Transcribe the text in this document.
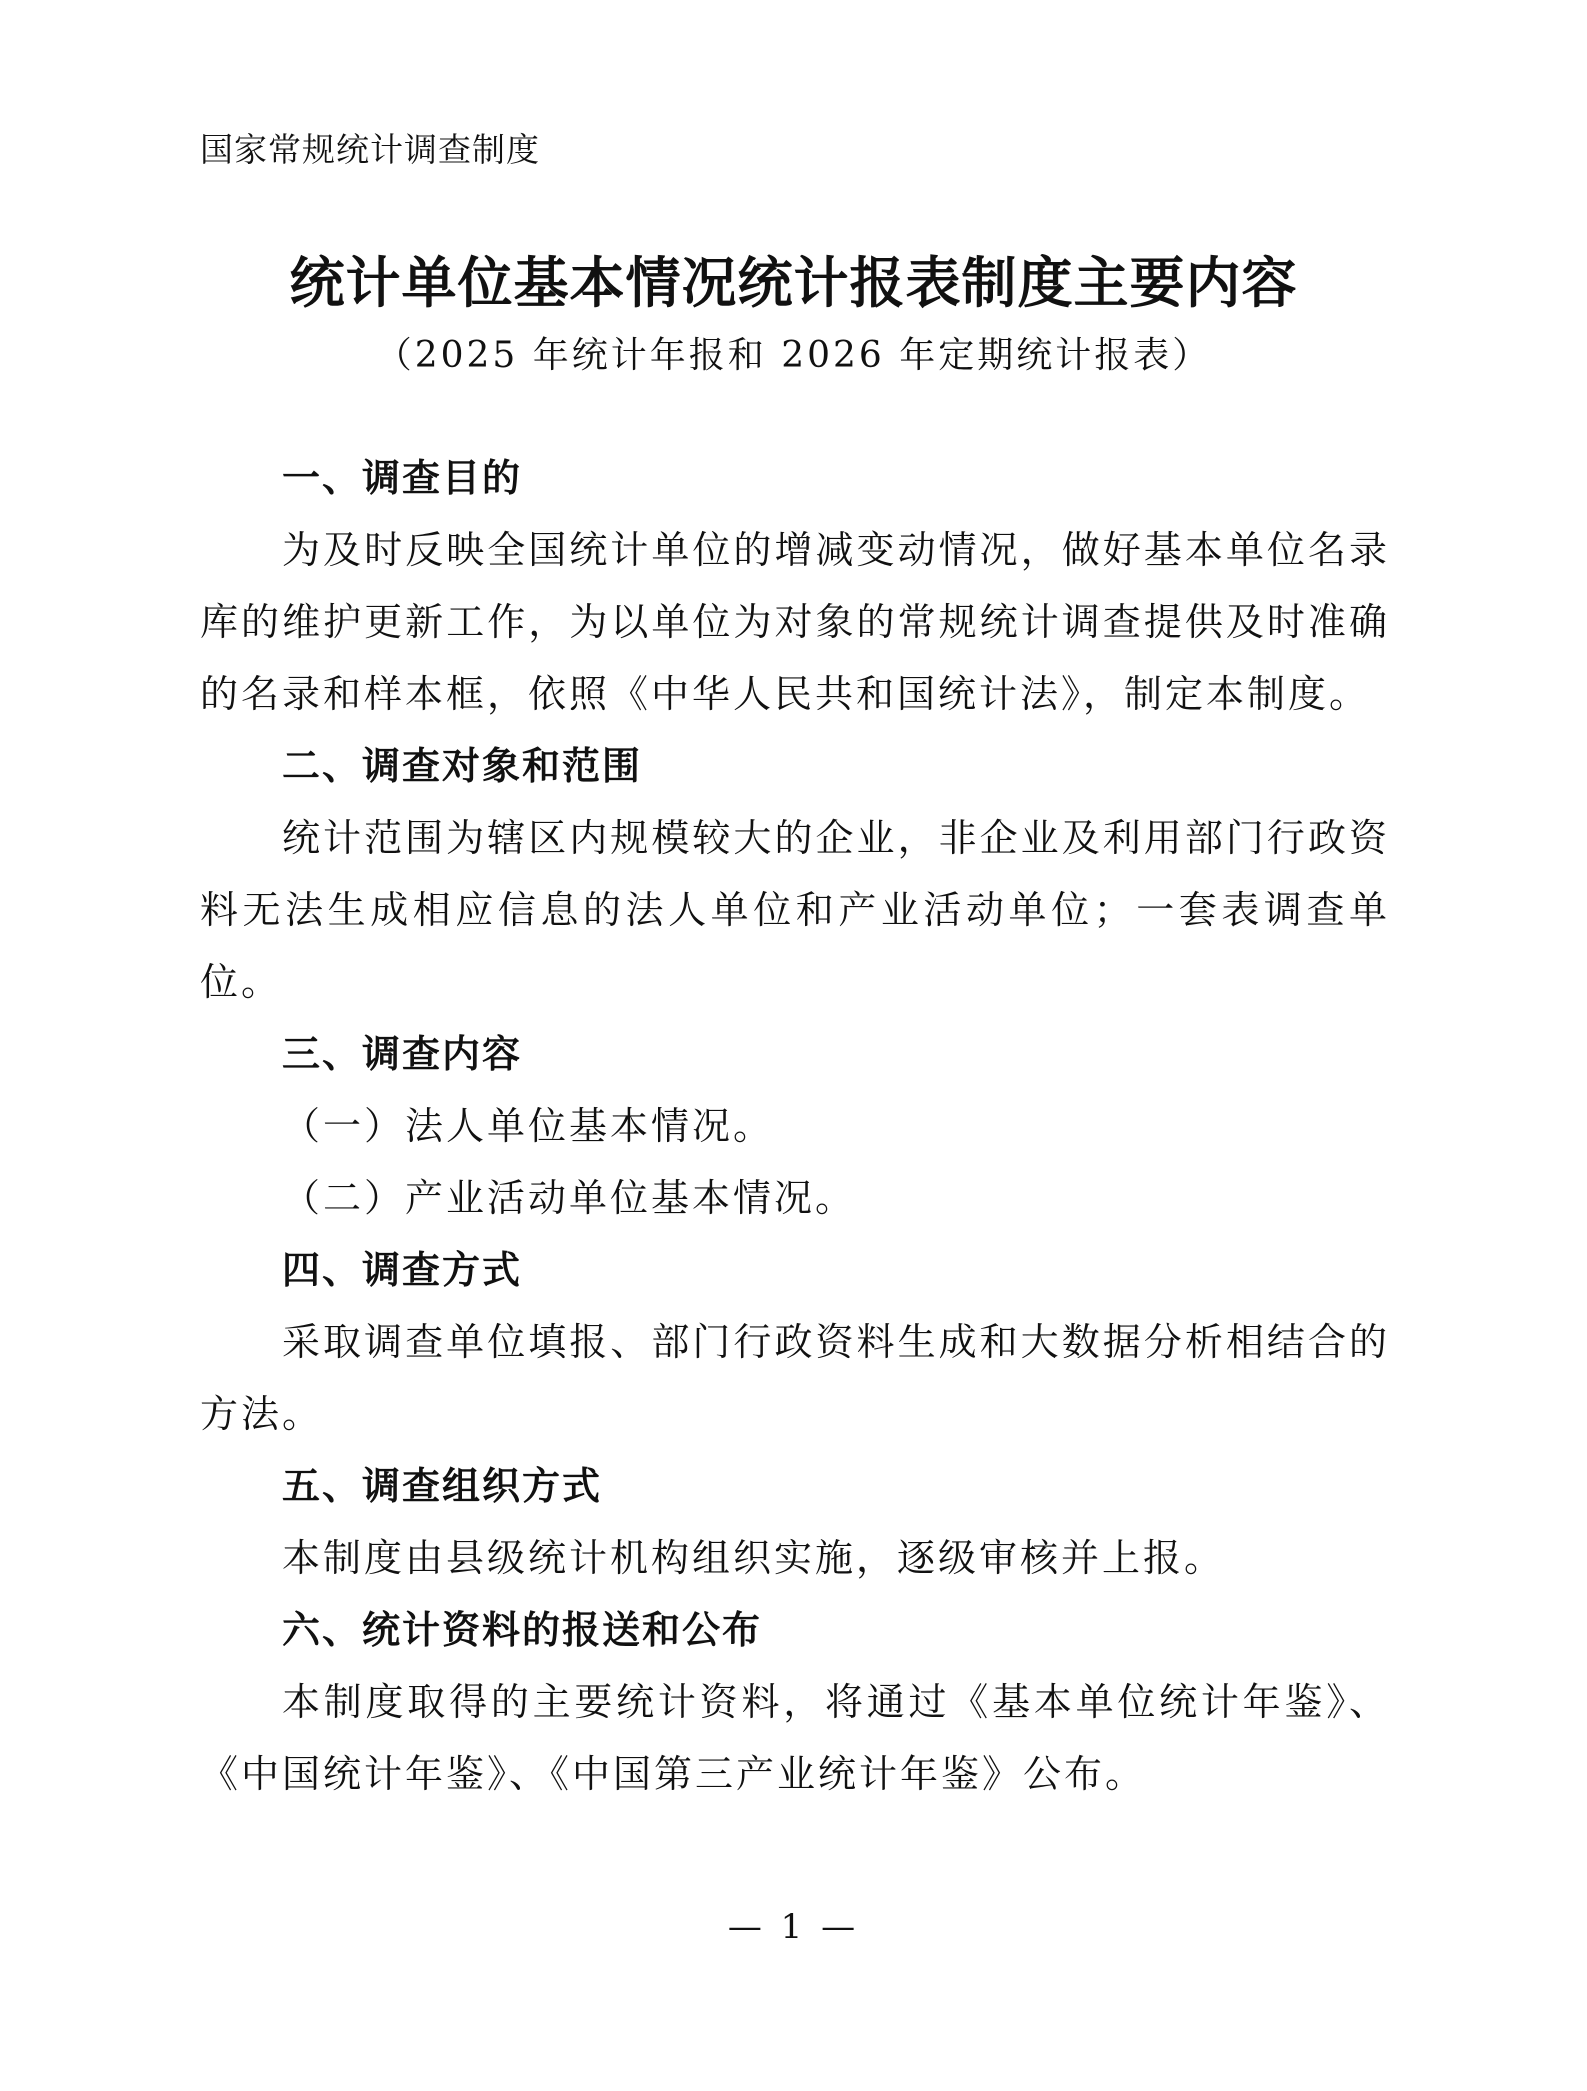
国家常规统计调查制度
统计单位基本情况统计报表制度主要内容
（2025 年统计年报和 2026 年定期统计报表）

一、调查目的

为及时反映全国统计单位的增减变动情况，做好基本单位名录库的维护更新工作，为以单位为对象的常规统计调查提供及时准确的名录和样本框，依照《中华人民共和国统计法》，制定本制度。

二、调查对象和范围

统计范围为辖区内规模较大的企业，非企业及利用部门行政资料无法生成相应信息的法人单位和产业活动单位；一套表调查单位。

三、调查内容

（一）法人单位基本情况。

（二）产业活动单位基本情况。

四、调查方式

采取调查单位填报、部门行政资料生成和大数据分析相结合的方法。

五、调查组织方式

本制度由县级统计机构组织实施，逐级审核并上报。

六、统计资料的报送和公布

本制度取得的主要统计资料，将通过《基本单位统计年鉴》、《中国统计年鉴》、《中国第三产业统计年鉴》公布。

— 1 —
